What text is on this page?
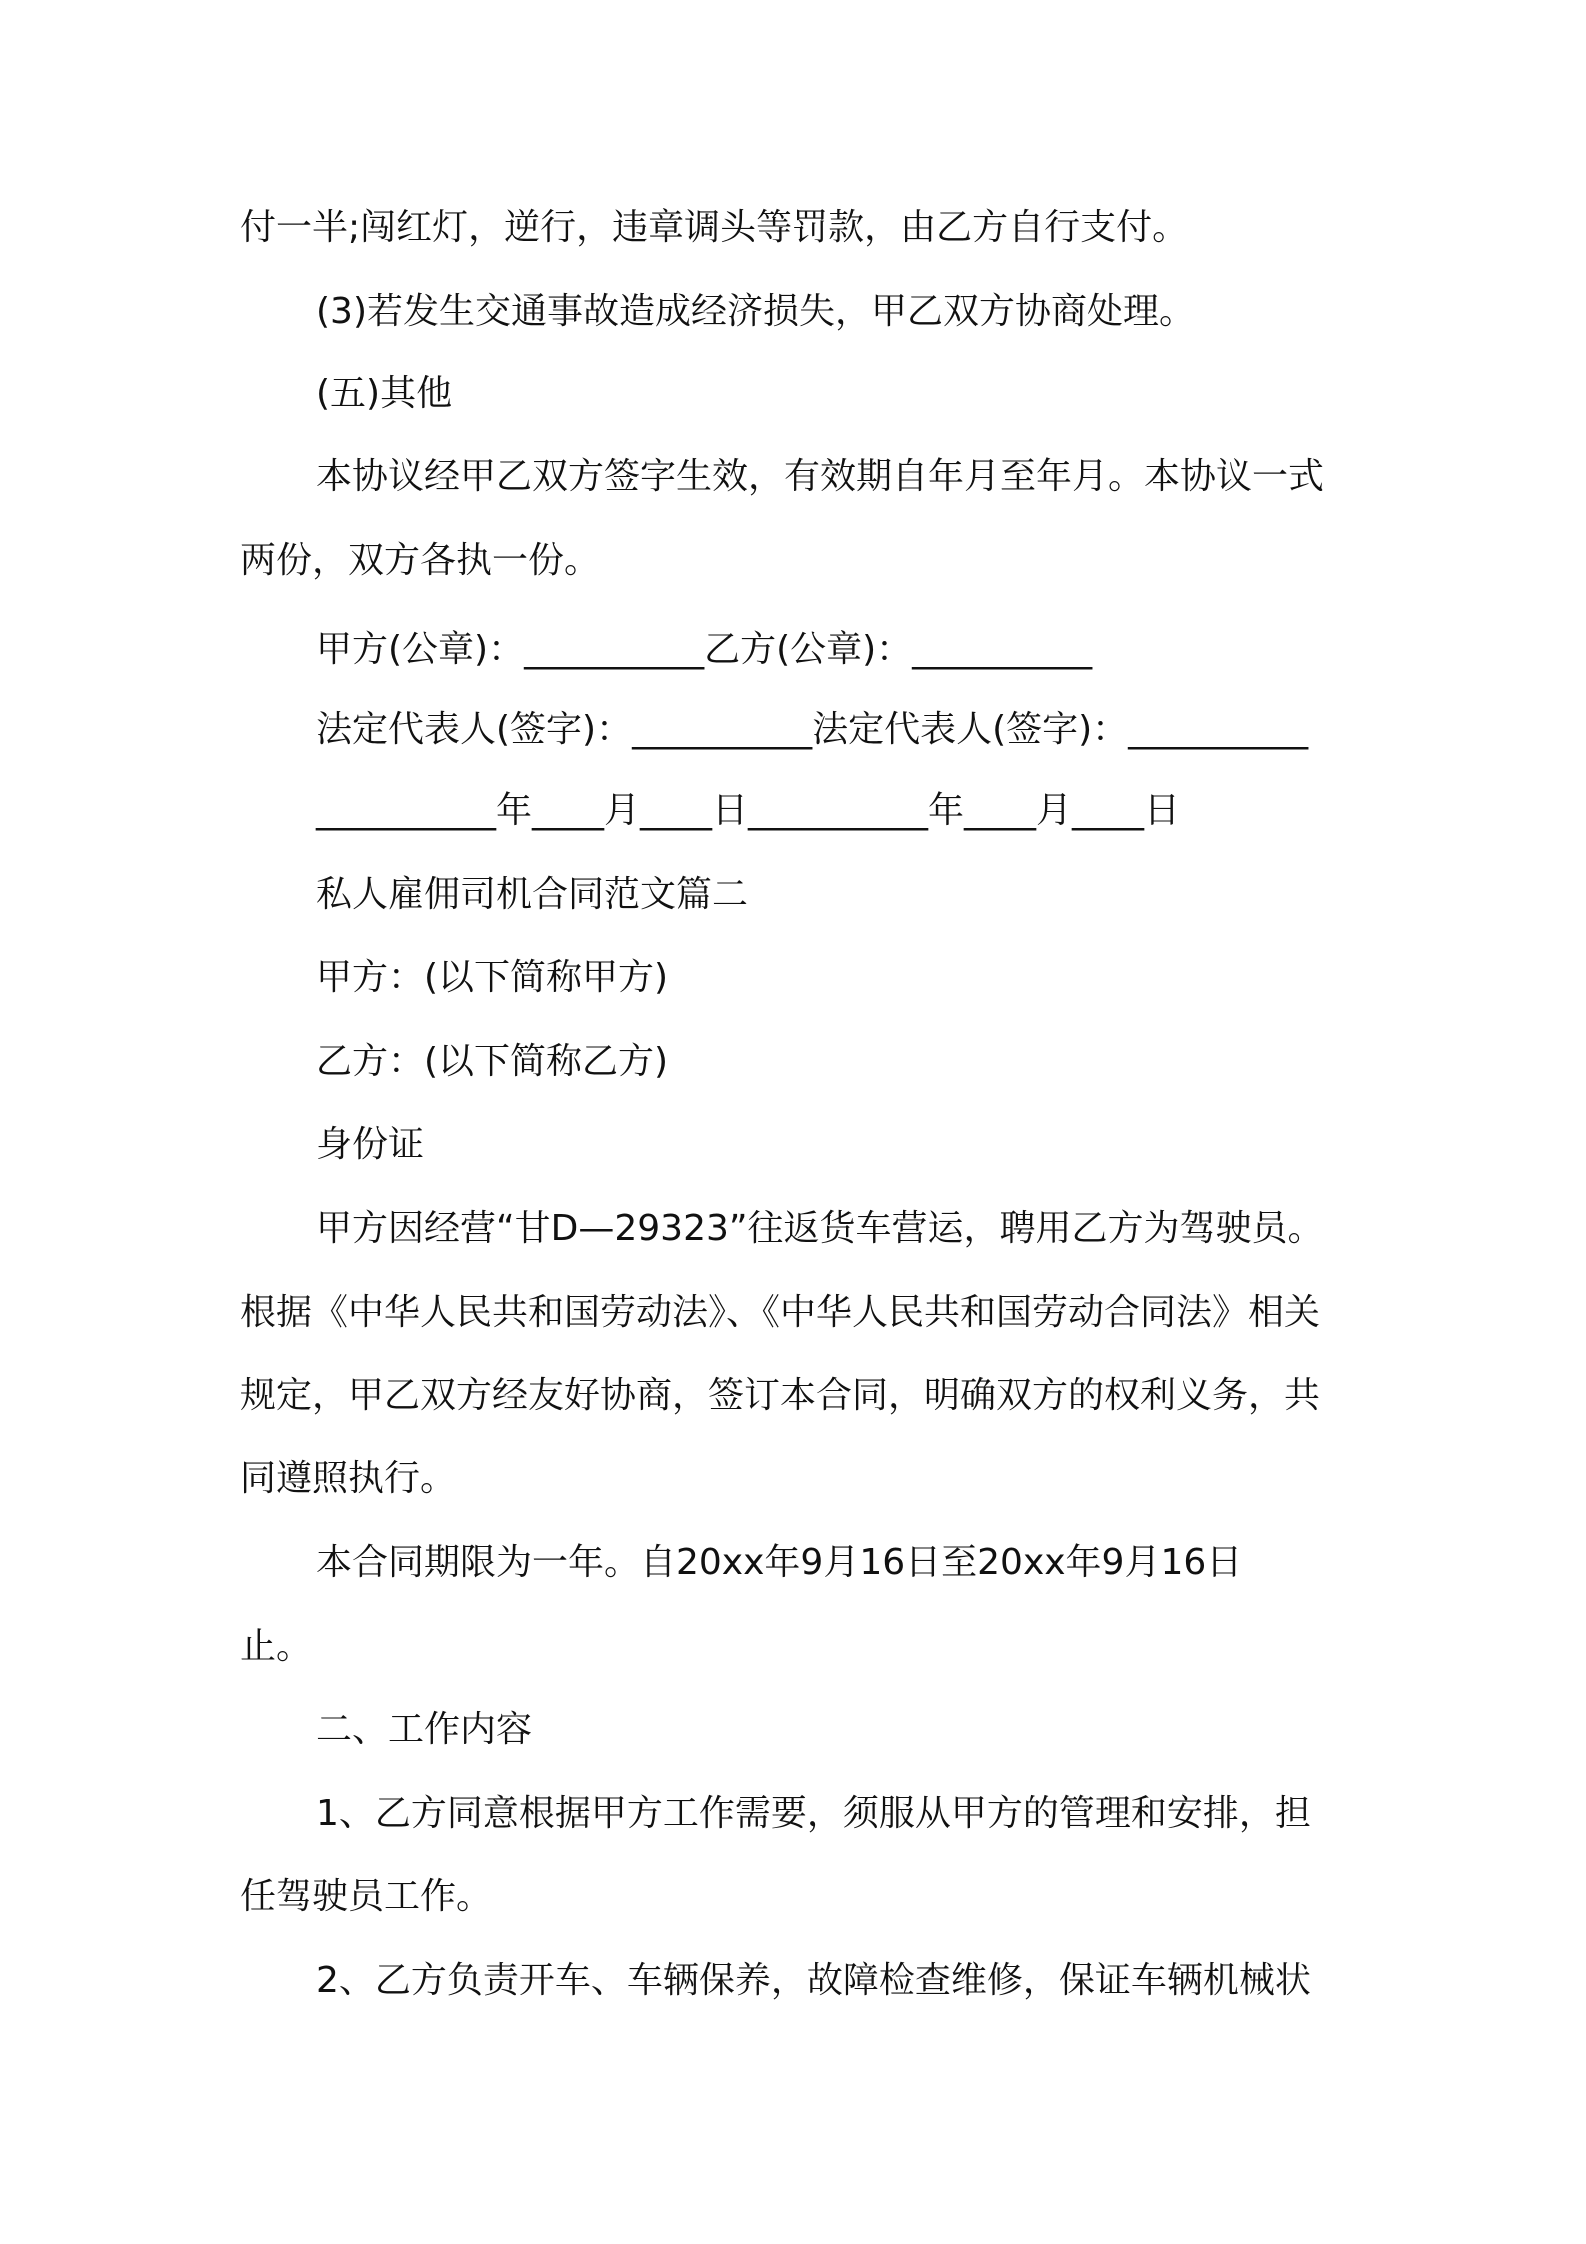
付一半;闯红灯，逆行，违章调头等罚款，由乙方自行支付。
(3)若发生交通事故造成经济损失，甲乙双方协商处理。
(五)其他
本协议经甲乙双方签字生效，有效期自年月至年月。本协议一式
两份，双方各执一份。
甲方(公章)：__________乙方(公章)：__________
法定代表人(签字)：__________法定代表人(签字)：__________
__________年____月____日__________年____月____日
私人雇佣司机合同范文篇二
甲方：(以下简称甲方)
乙方：(以下简称乙方)
身份证
甲方因经营“甘D—29323”往返货车营运，聘用乙方为驾驶员。
根据《中华人民共和国劳动法》、《中华人民共和国劳动合同法》相关
规定，甲乙双方经友好协商，签订本合同，明确双方的权利义务，共
同遵照执行。
本合同期限为一年。自20xx年9月16日至20xx年9月16日
止。
二、工作内容
1、乙方同意根据甲方工作需要，须服从甲方的管理和安排，担
任驾驶员工作。
2、乙方负责开车、车辆保养，故障检查维修，保证车辆机械状
